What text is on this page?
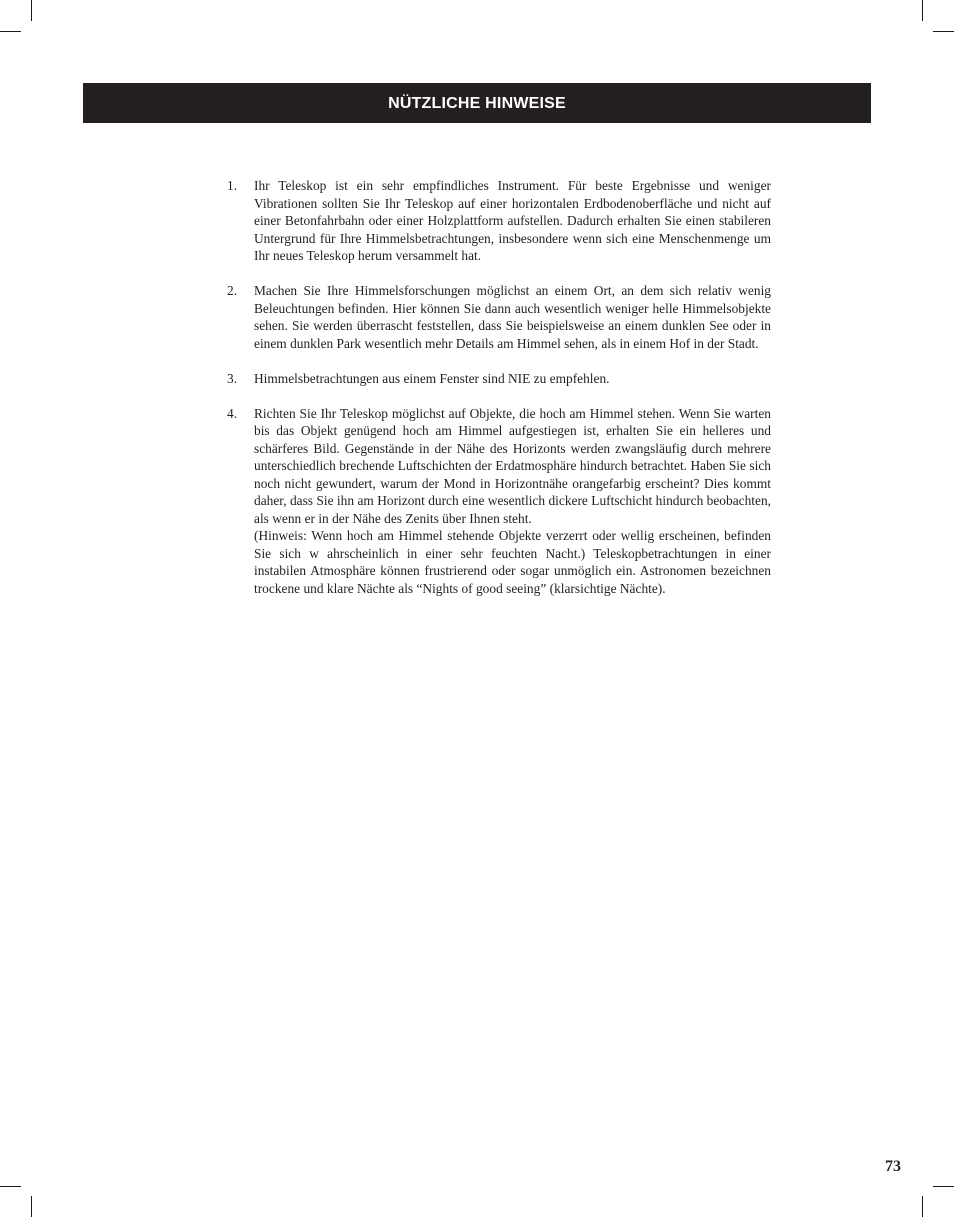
NÜTZLICHE HINWEISE
1.	Ihr Teleskop ist ein sehr empfindliches Instrument. Für beste Ergebnisse und weniger Vibrationen sollten Sie Ihr Teleskop auf einer horizontalen Erdbodenoberfläche und nicht auf einer Betonfahrbahn oder einer Holzplattform aufstellen. Dadurch erhalten Sie einen stabileren Untergrund für Ihre Himmelsbetrachtungen, insbesondere wenn sich eine Menschenmenge um Ihr neues Teleskop herum versammelt hat.

2.	Machen Sie Ihre Himmelsforschungen möglichst an einem Ort, an dem sich relativ wenig Beleuchtungen befinden. Hier können Sie dann auch wesentlich weniger helle Himmelsobjekte sehen. Sie werden überrascht feststellen, dass Sie beispielsweise an einem dunklen See oder in einem dunklen Park wesentlich mehr Details am Himmel sehen, als in einem Hof in der Stadt.

3.	Himmelsbetrachtungen aus einem Fenster sind NIE zu empfehlen.

4.	Richten Sie Ihr Teleskop möglichst auf Objekte, die hoch am Himmel stehen. Wenn Sie warten bis das Objekt genügend hoch am Himmel aufgestiegen ist, erhalten Sie ein helleres und schärferes Bild. Gegenstände in der Nähe des Horizonts werden zwangsläufig durch mehrere unterschiedlich brechende Luftschichten der Erdatmosphäre hindurch betrachtet. Haben Sie sich noch nicht gewundert, warum der Mond in Horizontnähe orangefarbig erscheint? Dies kommt daher, dass Sie ihn am Horizont durch eine wesentlich dickere Luftschicht hindurch beobachten, als wenn er in der Nähe des Zenits über Ihnen steht.

(Hinweis: Wenn hoch am Himmel stehende Objekte verzerrt oder wellig erscheinen, befinden Sie sich w ahrscheinlich in einer sehr feuchten Nacht.) Teleskopbetrachtungen in einer instabilen Atmosphäre können frustrierend oder sogar unmöglich ein. Astronomen bezeichnen trockene und klare Nächte als “Nights of good seeing” (klarsichtige Nächte).

73
